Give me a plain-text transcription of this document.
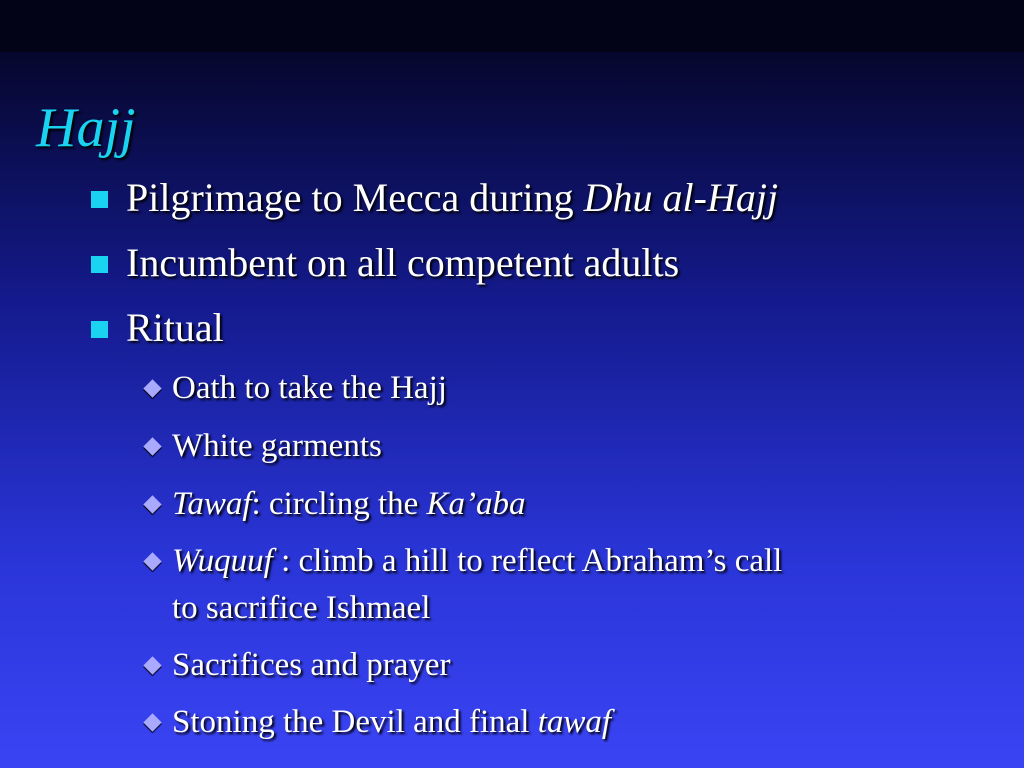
Hajj
Pilgrimage to Mecca during Dhu al-Hajj
Incumbent on all competent adults
Ritual
Oath to take the Hajj
White garments
Tawaf: circling the Ka’aba
Wuquuf : climb a hill to reflect Abraham’s call
to sacrifice Ishmael
Sacrifices and prayer
Stoning the Devil and final tawaf
